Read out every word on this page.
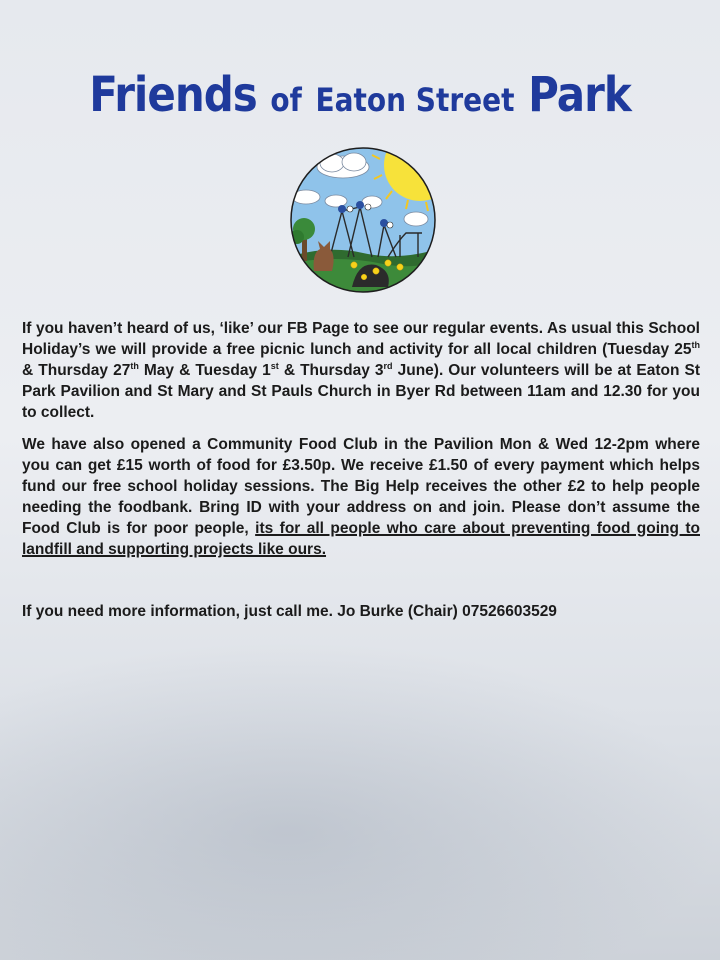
Friends of Eaton Street Park

If you haven’t heard of us, ‘like’ our FB Page to see our regular events. As usual this School Holiday’s we will provide a free picnic lunch and activity for all local children (Tuesday 25th & Thursday 27th May & Tuesday 1st & Thursday 3rd June). Our volunteers will be at Eaton St Park Pavilion and St Mary and St Pauls Church in Byer Rd between 11am and 12.30 for you to collect.

We have also opened a Community Food Club in the Pavilion Mon & Wed 12-2pm where you can get £15 worth of food for £3.50p. We receive £1.50 of every payment which helps fund our free school holiday sessions. The Big Help receives the other £2 to help people needing the foodbank. Bring ID with your address on and join. Please don’t assume the Food Club is for poor people, its for all people who care about preventing food going to landfill and supporting projects like ours.

If you need more information, just call me. Jo Burke (Chair) 07526603529
